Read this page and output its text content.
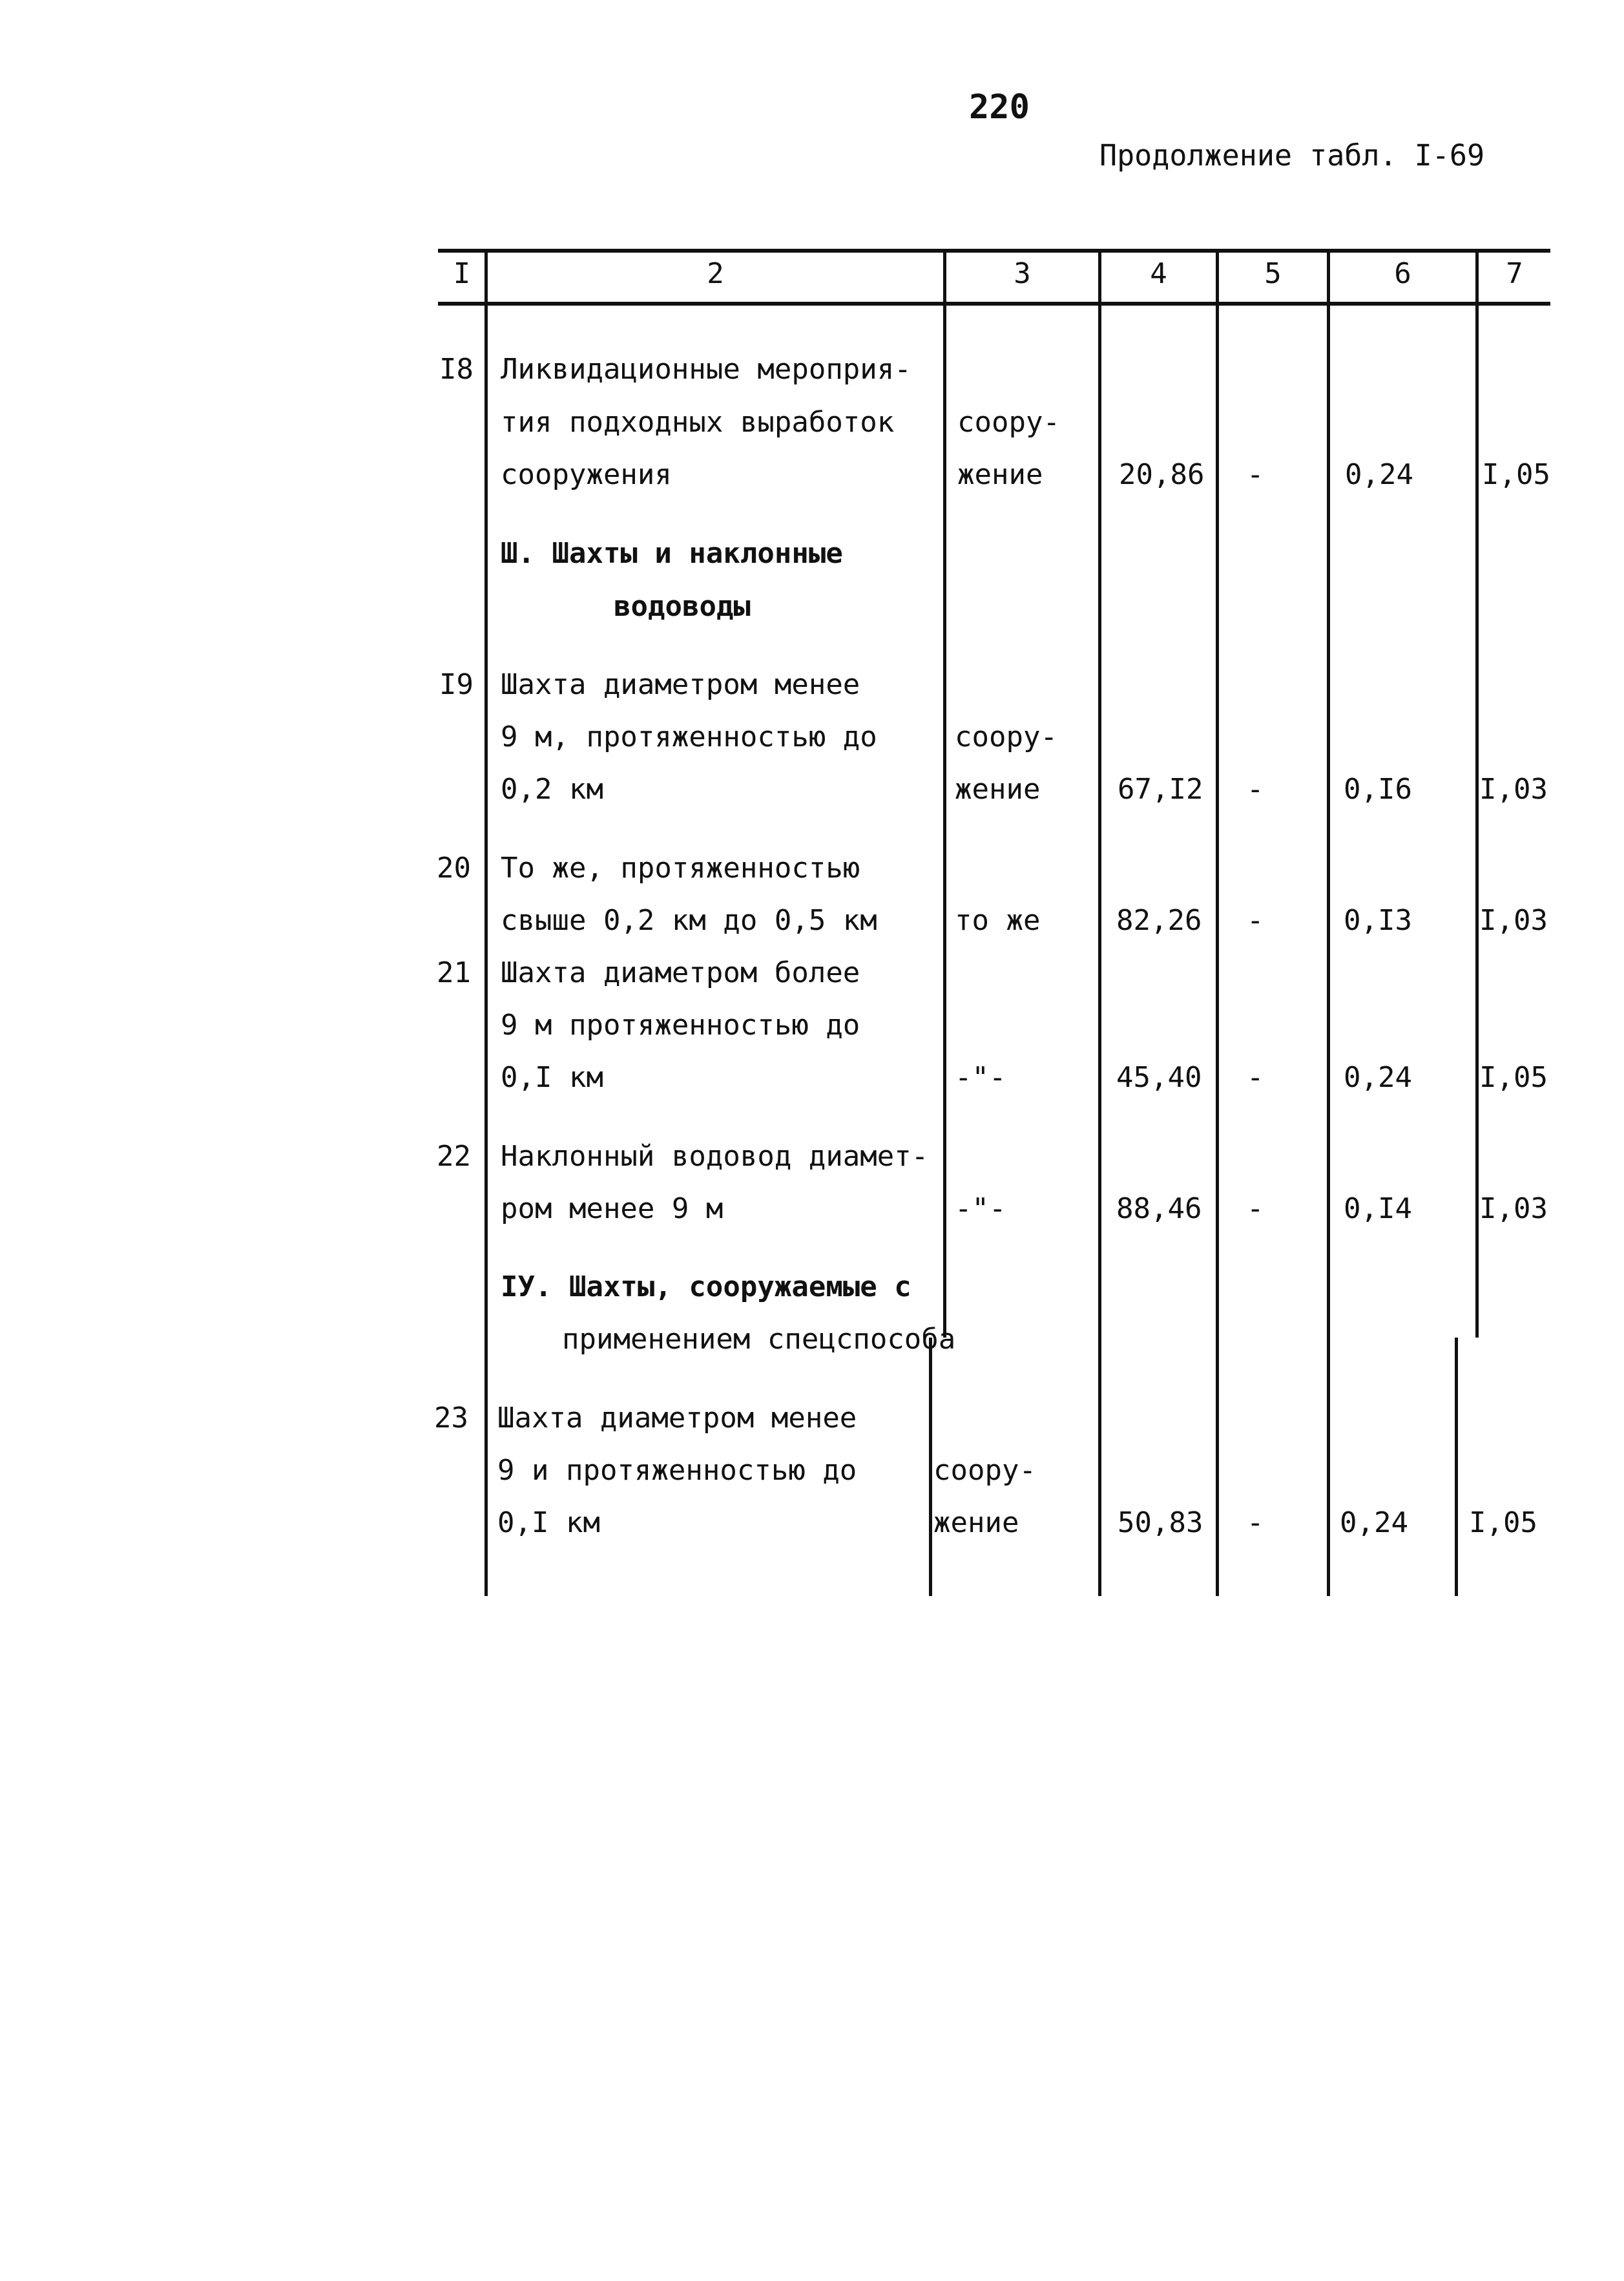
220
Продолжение табл. I-69
I	2	3	4	5	6	7
I8 Ликвидационные мероприя-
тия подходных выработок
сооружения
соору-
жение	20,86 -	0,24 I,05
Ш. Шахты и наклонные
водоводы
I9 Шахта диаметром менее
9 м, протяженностью до
0,2 км
соору-
жение	67,I2 -	0,I6 I,03
20 То же, протяженностью
свыше 0,2 км до 0,5 км	то же	82,26 -	0,I3 I,03
21 Шахта диаметром более
9 м протяженностью до
0,I км	-"-	45,40 -	0,24 I,05
22 Наклонный водовод диамет-
ром менее 9 м	-"-	88,46 -	0,I4 I,03
IУ. Шахты, сооружаемые с
применением спецспособа
23 Шахта диаметром менее
9 и протяженностью до
0,I км
соору-
жение	50,83 -	0,24 I,05
